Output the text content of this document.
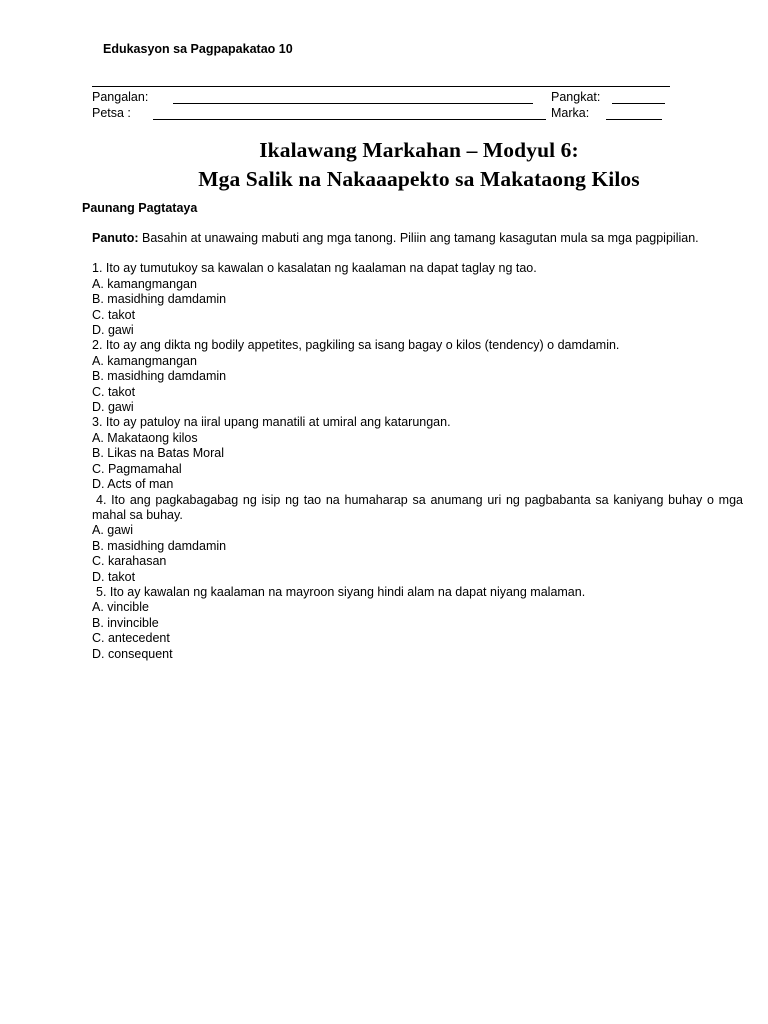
Edukasyon sa Pagpapakatao 10
Pangalan:	Pangkat:
Petsa :	Marka:
Ikalawang Markahan – Modyul 6:
Mga Salik na Nakaaapekto sa Makataong Kilos
Paunang Pagtataya

Panuto: Basahin at unawaing mabuti ang mga tanong. Piliin ang tamang kasagutan mula sa mga pagpipilian.

1. Ito ay tumutukoy sa kawalan o kasalatan ng kaalaman na dapat taglay ng tao.

A. kamangmangan

B. masidhing damdamin

C. takot

D. gawi

2. Ito ay ang dikta ng bodily appetites, pagkiling sa isang bagay o kilos (tendency) o damdamin.

A. kamangmangan

B. masidhing damdamin

C. takot

D. gawi

3. Ito ay patuloy na iiral upang manatili at umiral ang katarungan.

A. Makataong kilos

B. Likas na Batas Moral

C. Pagmamahal

D. Acts of man

4. Ito ang pagkabagabag ng isip ng tao na humaharap sa anumang uri ng pagbabanta sa kaniyang buhay o mga mahal sa buhay.

A. gawi

B. masidhing damdamin

C. karahasan

D. takot

5. Ito ay kawalan ng kaalaman na mayroon siyang hindi alam na dapat niyang malaman.

A. vincible

B. invincible

C. antecedent

D. consequent
